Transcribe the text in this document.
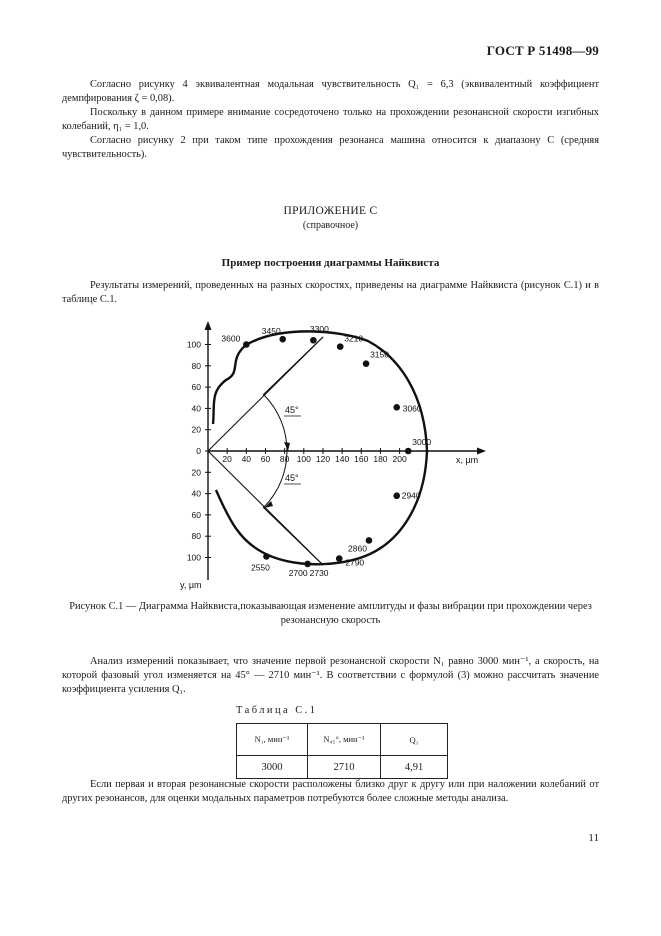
ГОСТ Р 51498—99
Согласно рисунку 4 эквивалентная модальная чувствительность Q₁ = 6,3 (эквивалентный коэффициент демпфирования ζ = 0,08).
Поскольку в данном примере внимание сосредоточено только на прохождении резонансной скорости изгибных колебаний, η₁ = 1,0.
Согласно рисунку 2 при таком типе прохождения резонанса машина относится к диапазону С (средняя чувствительность).
ПРИЛОЖЕНИЕ С
(справочное)
Пример построения диаграммы Найквиста
Результаты измерений, проведенных на разных скоростях, приведены на диаграмме Найквиста (рисунок С.1) и в таблице С.1.
20 40 60 80 100 120 140 160 180 200
100
80
60
40
20
0
20
40
60
80
100
3600
3450	3300
3210
3150
3060
3000
2940
2860
2790
2730
2700
2550
x, µm
y, µm
45°
45°
Рисунок С.1 — Диаграмма Найквиста,показывающая изменение амплитуды и фазы вибрации при прохождении через резонансную скорость
Анализ измерений показывает, что значение первой резонансной скорости N₁ равно 3000 мин⁻¹, а скорость, на которой фазовый угол изменяется на 45° — 2710 мин⁻¹. В соответствии с формулой (3) можно рассчитать значение коэффициента усиления Q₁.
Таблица С.1
N₁, мин⁻¹	N₄₅°, мин⁻¹	Q₁
3000	2710	4,91
Если первая и вторая резонансные скорости расположены близко друг к другу или при наложении колебаний от других резонансов, для оценки модальных параметров потребуются более сложные методы анализа.
11
